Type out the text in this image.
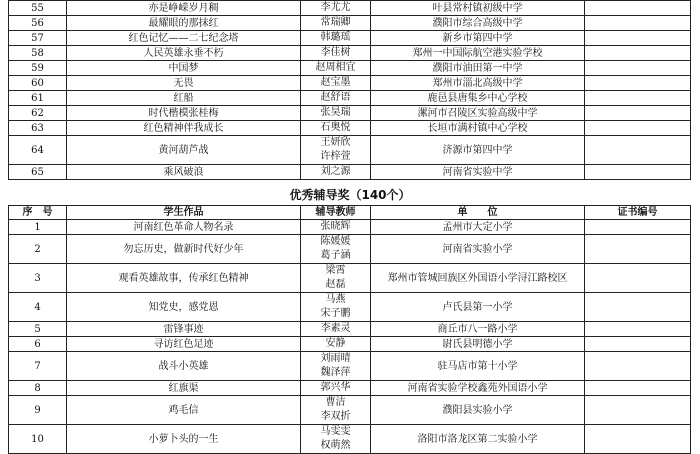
55	亦是峥嵘岁月稠	李尤尤	叶县常村镇初级中学	
56	最耀眼的那抹红	常瑞卿	濮阳市综合高级中学	
57	红色记忆——二七纪念塔	韩璐瑶	新乡市第四中学	
58	人民英雄永垂不朽	李佳树	郑州一中国际航空港实验学校	
59	中国梦	赵周相宜	濮阳市油田第一中学	
60	无畏	赵宝墨	郑州市淄北高级中学	
61	红船	赵舒语	鹿邑县唐集乡中心学校	
62	时代楷模张桂梅	张昊瑞	漯河市召陵区实验高级中学	
63	红色精神伴我成长	石奥悦	长垣市满村镇中心学校	
64	黄河葫芦战	王妍欣
许梓萱	济源市第四中学	
65	乘风破浪	刘之源	河南省实验中学	
优秀辅导奖（140个）
序　号	学生作品	辅导教师	单　　位	证书编号
1	河南红色革命人物名录	张晓辉	孟州市大定小学	
2	勿忘历史，做新时代好少年	陈媛媛
葛子涵	河南省实验小学	
3	观看英雄故事，传承红色精神	梁霄
赵磊	郑州市管城回族区外国语小学浔江路校区	
4	知党史，感党恩	马燕
宋子鹏	卢氏县第一小学	
5	雷锋事迹	李素灵	商丘市八一路小学	
6	寻访红色足迹	安静	尉氏县明德小学	
7	战斗小英雄	刘雨晴
魏泽萍	驻马店市第十小学	
8	红旗渠	郭兴华	河南省实验学校鑫苑外国语小学	
9	鸡毛信	曹洁
李双折	濮阳县实验小学	
10	小萝卜头的一生	马雯雯
权萌然	洛阳市洛龙区第二实验小学	
